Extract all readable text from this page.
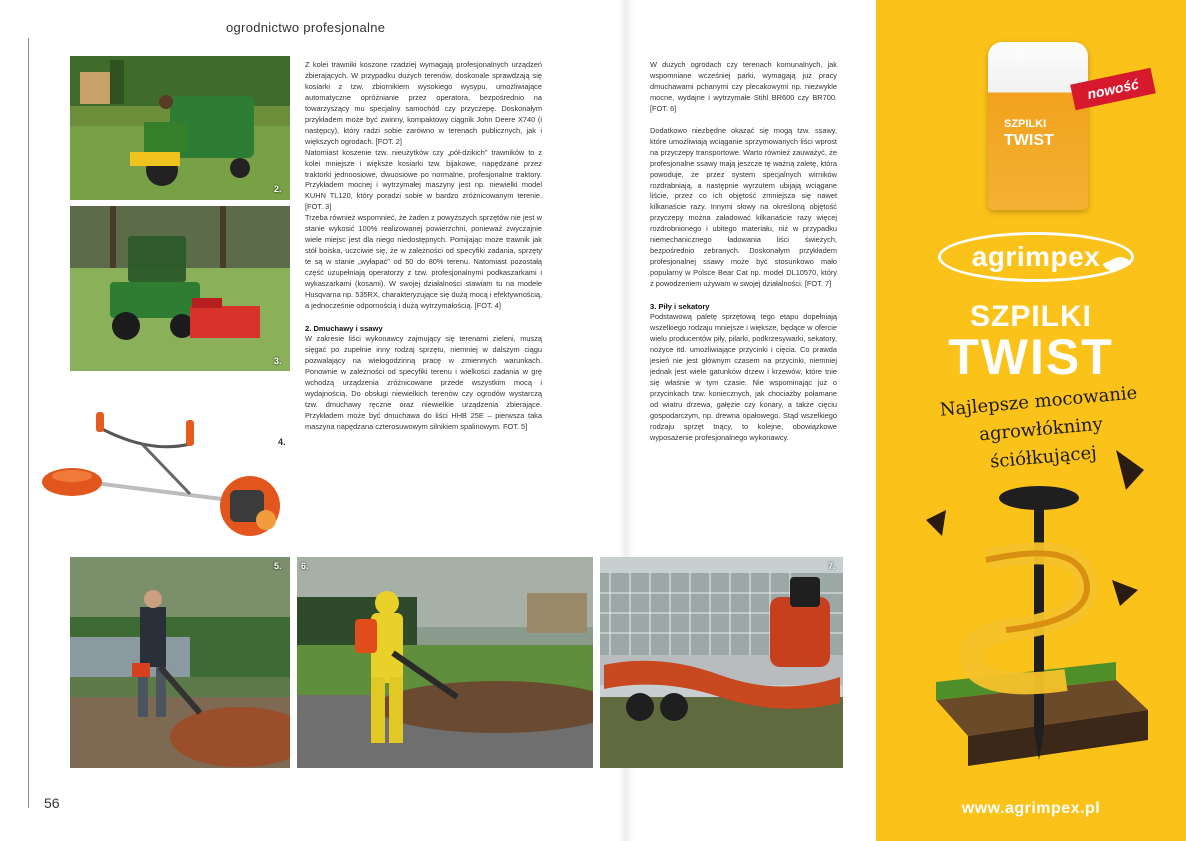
ogrodnictwo profesjonalne
56
2.
3.
4.

Z kolei trawniki koszone rzadziej wymagają profesjonalnych urządzeń zbierających. W przypadku dużych terenów, doskonale sprawdzają się kosiarki z tzw. zbiornikiem wysokiego wysypu, umożliwiające automatyczne opróżnianie przez operatora, bezpośrednio na towarzyszący mu specjalny samochód czy przyczepę. Doskonałym przykładem może być zwinny, kompaktowy ciągnik John Deere X740 (i następcy), który radzi sobie zarówno w terenach publicznych, jak i większych ogrodach. [FOT. 2]

Natomiast koszenie tzw. nieużytków czy „pół-dzikich" trawników to z kolei mniejsze i większe kosiarki tzw. bijakowe, napędzane przez traktorki jednoosiowe, dwuosiowe po normalne, profesjonalne traktory. Przykładem mocnej i wytrzymałej maszyny jest np. niewielki model KUHN TL120, który poradzi sobie w bardzo zróżnicowanym terenie. [FOT. 3]

Trzeba również wspomnieć, że żaden z powyższych sprzętów nie jest w stanie wykosić 100% realizowanej powierzchni, ponieważ zwyczajnie wiele miejsc jest dla niego niedostępnych. Pomijając może trawnik jak stół boiska, uczciwie się, że w zależności od specyfiki zadania, sprzęty te są w stanie „wyłapać" od 50 do 80% terenu. Natomiast pozostałą część uzupełniają operatorzy z tzw. profesjonalnymi podkaszarkami i wykaszarkami (kosami). W swojej działalności stawiam tu na modele Husqvarna np. 535RX, charakteryzujące się dużą mocą i efektywnością, a jednocześnie odpornością i dużą wytrzymałością. [FOT. 4]

2. Dmuchawy i ssawy

W zakresie liści wykonawcy zajmujący się terenami zieleni, muszą sięgać po zupełnie inny rodzaj sprzętu, niemniej w dalszym ciągu pozwalający na wielogodzinną pracę w zmiennych warunkach. Ponownie w zależności od specyfiki terenu i wielkości zadania w grę wchodzą urządzenia zróżnicowane przede wszystkim mocą i wydajnością. Do obsługi niewielkich terenów czy ogrodów wystarczą tzw. dmuchawy ręczne oraz niewielkie urządzenia zbierające. Przykładem może być dmuchawa do liści HHB 25E – pierwsza taka maszyna napędzana czterosuwowym silnikiem spalinowym. FOT. 5]

W dużych ogrodach czy terenach komunalnych, jak wspomniane wcześniej parki, wymagają już pracy dmuchawami pchanymi czy plecakowymi np. niezwykle mocne, wydajne i wytrzymałe Stihl BR600 czy BR700. [FOT. 6]

Dodatkowo niezbędne okazać się mogą tzw. ssawy, które umożliwiają wciąganie sprzymowanych liści wprost na przyczepy transportowe. Warto również zauważyć, że profesjonalne ssawy mają jeszcze tę ważną zaletę, która powoduje, że przez system specjalnych wirników rozdrabniają, a następnie wyrzutem ubijają wciągane liście, przez co ich objętość zmniejsza się nawet kilkanaście razy. Innymi słowy na określoną objętość przyczepy można załadować kilkanaście razy więcej rozdrobnionego i ubitego materiału, niż w przypadku niemechanicznego ładowania liści świeżych, bezpośrednio zebranych. Doskonałym przykładem profesjonalnej ssawy może być stosunkowo mało popularny w Polsce Bear Cat np. model DL10570, który z powodzeniem używam w swojej działalności. [FOT. 7]

3. Piły i sekatory

Podstawową paletę sprzętową tego etapu dopełniają wszelkiego rodzaju mniejsze i większe, będące w ofercie wielu producentów piły, pilarki, podkrzesywarki, sekatory, nożyce itd. umożliwiające przycinki i cięcia. Co prawda jesień nie jest głównym czasem na przycinki, niemniej jednak jest wiele gatunków drzew i krzewów, które tnie się właśnie w tym czasie. Nie wspominając już o przycinkach tzw. koniecznych, jak chociażby połamane od wiatru drzewa, gałęzie czy konary, a także cięciu gospodarczym, np. drewna opałowego. Stąd wszelkiego rodzaju sprzęt tnący, to kolejne, obowiązkowe wyposażenie profesjonalnego wykonawcy.

5. 6.	7.
SZPILKI
TWIST
nowość
agrimpex
SZPILKI
TWIST
Najlepsze mocowanie agrowłókniny ściółkującej
www.agrimpex.pl
